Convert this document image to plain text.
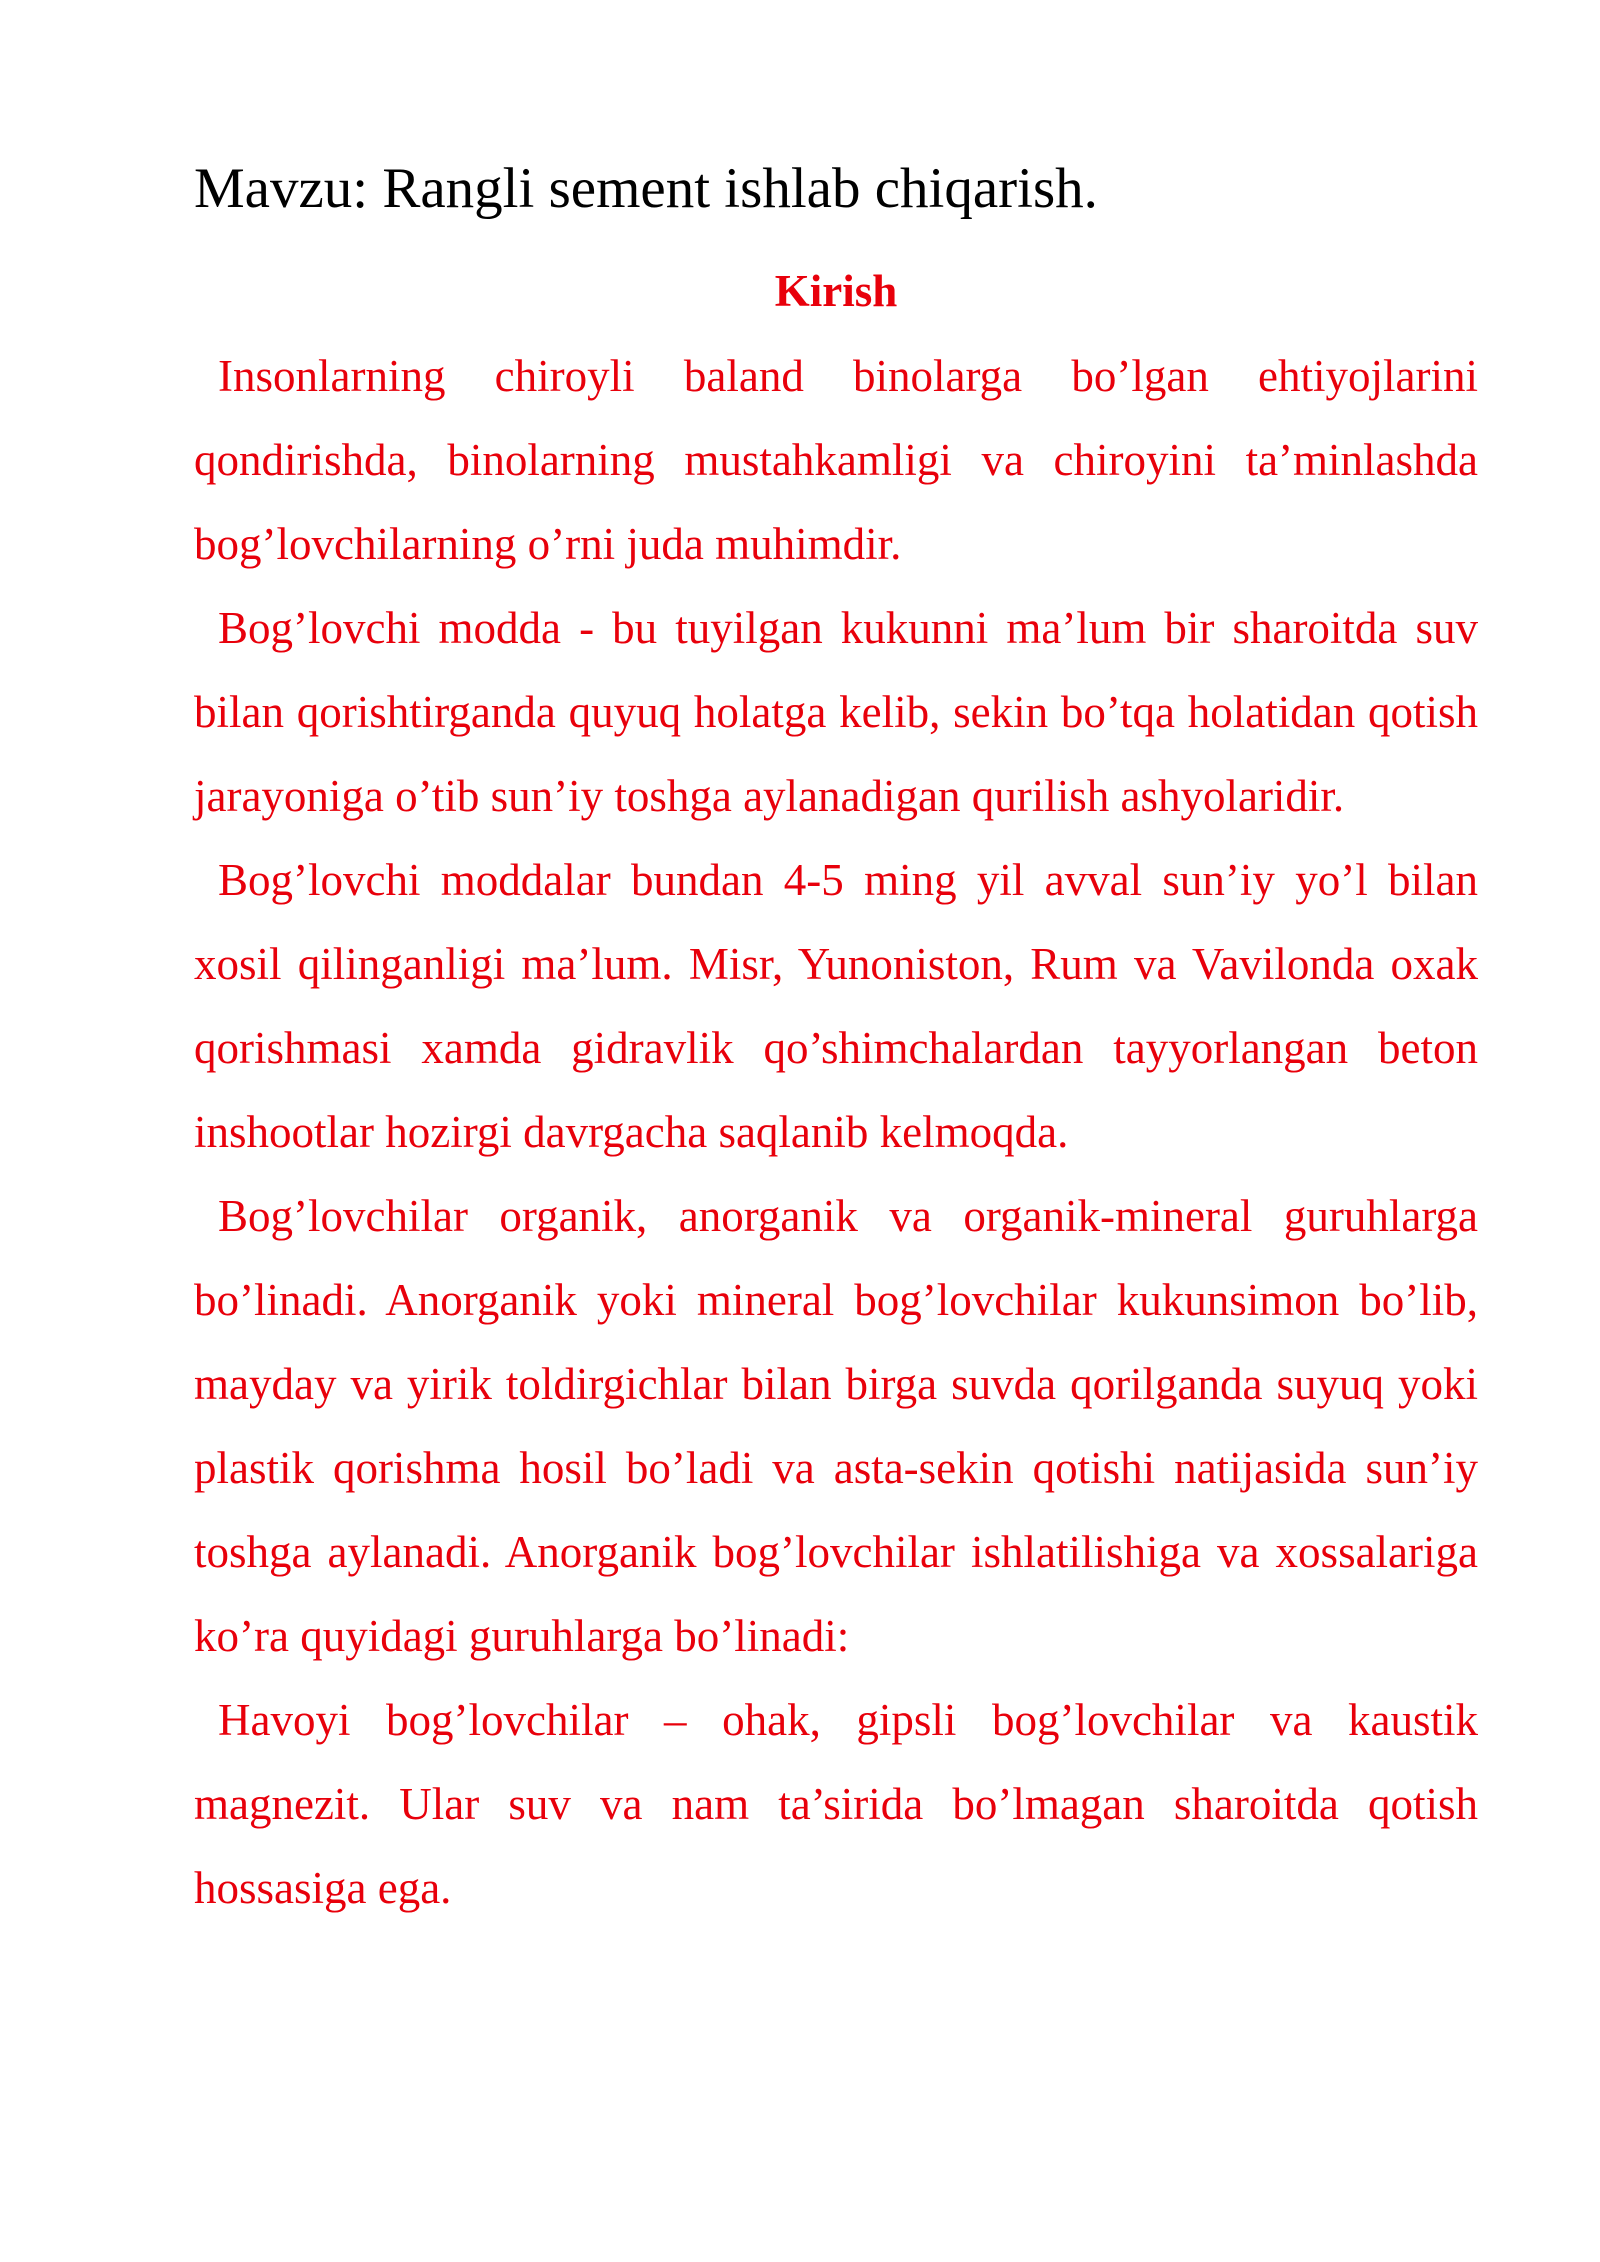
Mavzu: Rangli sement ishlab chiqarish.
Kirish

Insonlarning chiroyli baland binolarga bo’lgan ehtiyojlarini qondirishda, binolarning mustahkamligi va chiroyini ta’minlashda bog’lovchilarning o’rni juda muhimdir.

Bog’lovchi modda - bu tuyilgan kukunni ma’lum bir sharoitda suv bilan qorishtirganda quyuq holatga kelib, sekin bo’tqa holatidan qotish jarayoniga o’tib sun’iy toshga aylanadigan qurilish ashyolaridir.

Bog’lovchi moddalar bundan 4-5 ming yil avval sun’iy yo’l bilan xosil qilinganligi ma’lum. Misr, Yunoniston, Rum va Vavilonda oxak qorishmasi xamda gidravlik qo’shimchalardan tayyorlangan beton inshootlar hozirgi davrgacha saqlanib kelmoqda.

Bog’lovchilar organik, anorganik va organik-mineral guruhlarga bo’linadi. Anorganik yoki mineral bog’lovchilar kukunsimon bo’lib, mayday va yirik toldirgichlar bilan birga suvda qorilganda suyuq yoki plastik qorishma hosil bo’ladi va asta-sekin qotishi natijasida sun’iy toshga aylanadi. Anorganik bog’lovchilar ishlatilishiga va xossalariga ko’ra quyidagi guruhlarga bo’linadi:

Havoyi bog’lovchilar – ohak, gipsli bog’lovchilar va kaustik magnezit. Ular suv va nam ta’sirida bo’lmagan sharoitda qotish hossasiga ega.
